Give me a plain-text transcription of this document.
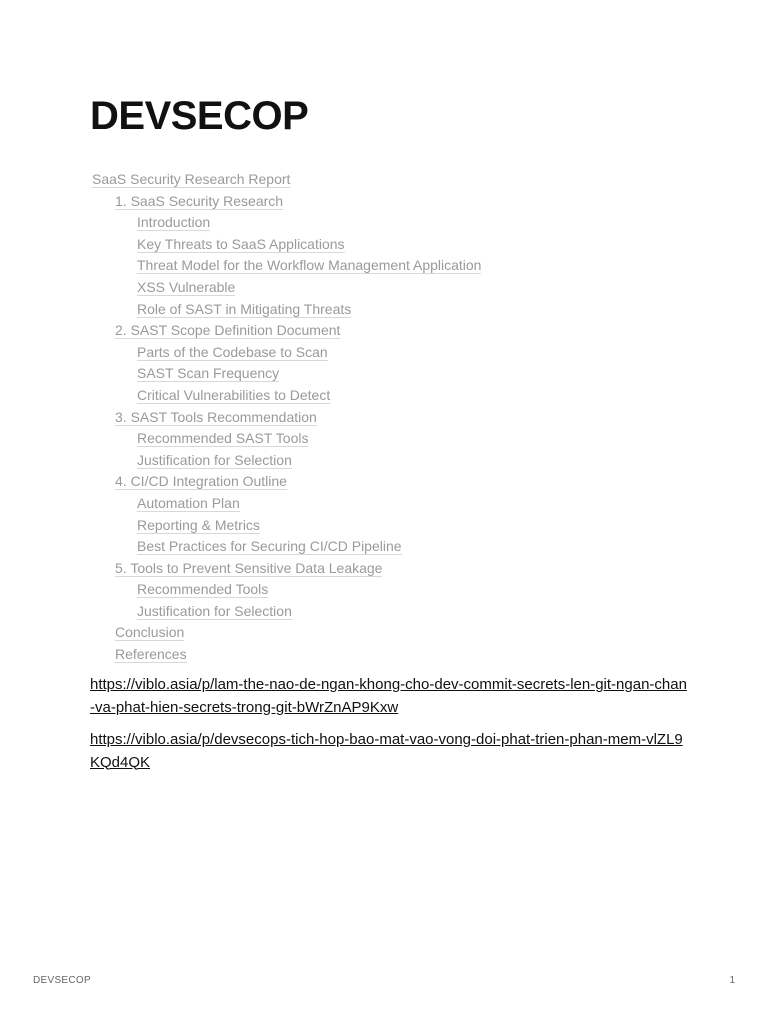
DEVSECOP
SaaS Security Research Report
1. SaaS Security Research
Introduction
Key Threats to SaaS Applications
Threat Model for the Workflow Management Application
XSS Vulnerable
Role of SAST in Mitigating Threats
2. SAST Scope Definition Document
Parts of the Codebase to Scan
SAST Scan Frequency
Critical Vulnerabilities to Detect
3. SAST Tools Recommendation
Recommended SAST Tools
Justification for Selection
4. CI/CD Integration Outline
Automation Plan
Reporting & Metrics
Best Practices for Securing CI/CD Pipeline
5. Tools to Prevent Sensitive Data Leakage
Recommended Tools
Justification for Selection
Conclusion
References

https://viblo.asia/p/lam-the-nao-de-ngan-khong-cho-dev-commit-secrets-len-git-ngan-chan-va-phat-hien-secrets-trong-git-bWrZnAP9Kxw

https://viblo.asia/p/devsecops-tich-hop-bao-mat-vao-vong-doi-phat-trien-phan-mem-vlZL9KQd4QK

DEVSECOP	1
